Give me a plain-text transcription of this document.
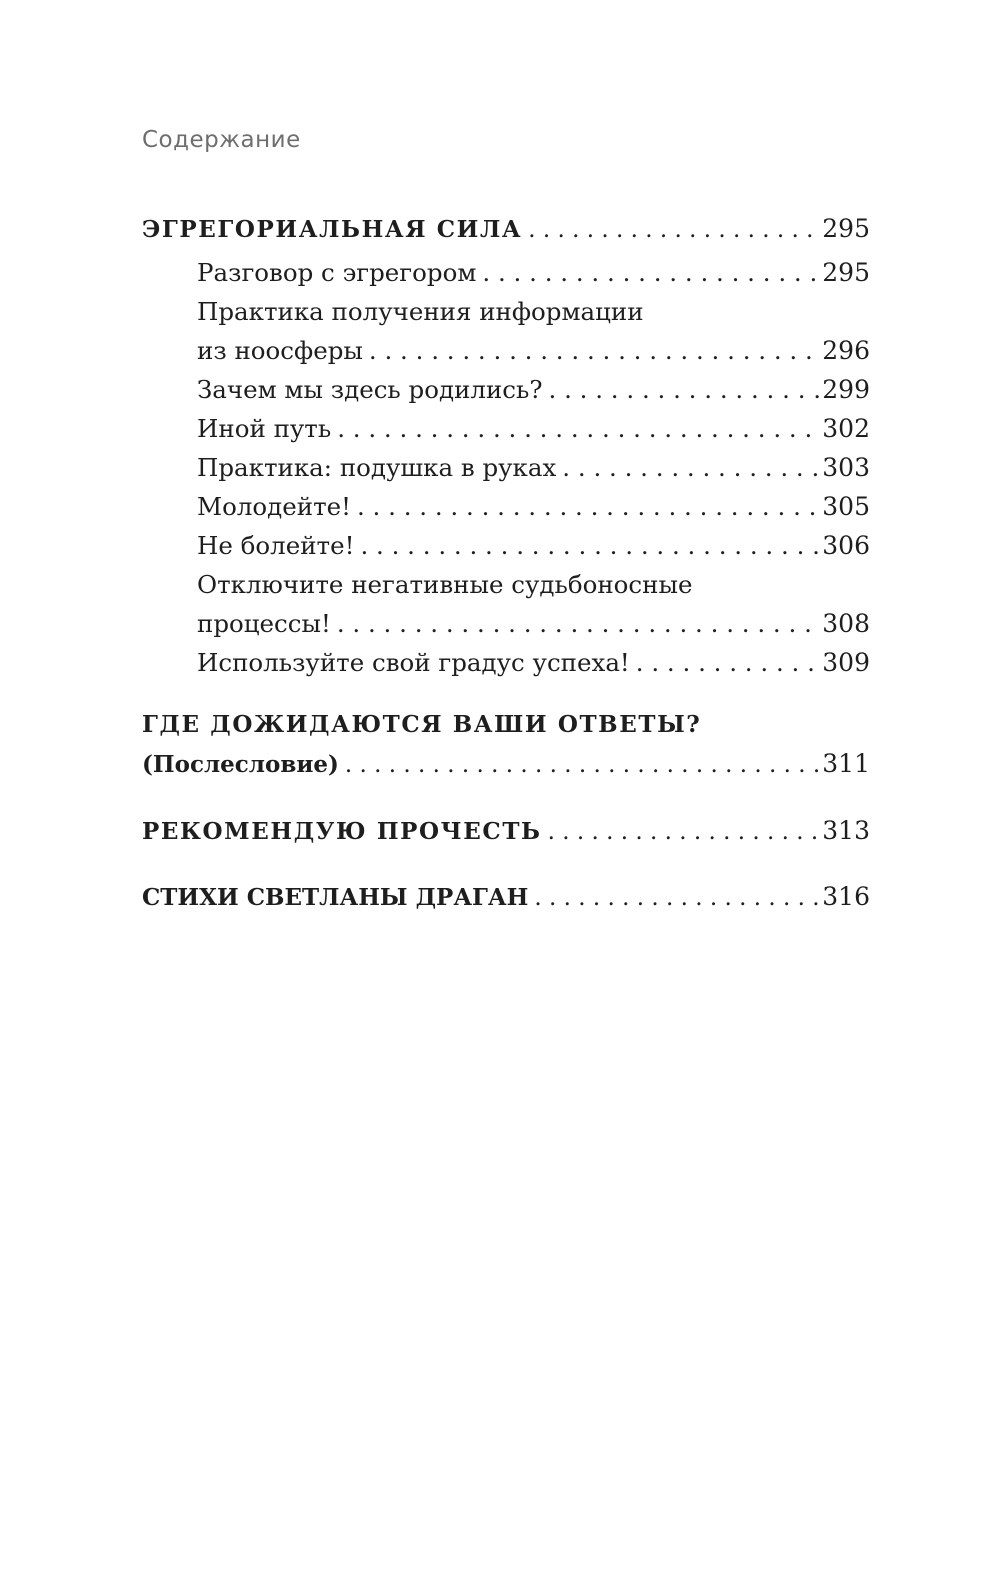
Содержание
ЭГРЕГОРИАЛЬНАЯ СИЛА . . .	295
Разговор с эгрегором . . .	295
Практика получения информации
из ноосферы . . .	296
Зачем мы здесь родились? . . .	299
Иной путь . . .	302
Практика: подушка в руках . . .	303
Молодейте! . . .	305
Не болейте! . . .	306
Отключите негативные судьбоносные
процессы! . . .	308
Используйте свой градус успеха! . . .	309
ГДЕ ДОЖИДАЮТСЯ ВАШИ ОТВЕТЫ?
(Послесловие) . . .	311
РЕКОМЕНДУЮ ПРОЧЕСТЬ . . .	313
СТИХИ СВЕТЛАНЫ ДРАГАН . . .	316
